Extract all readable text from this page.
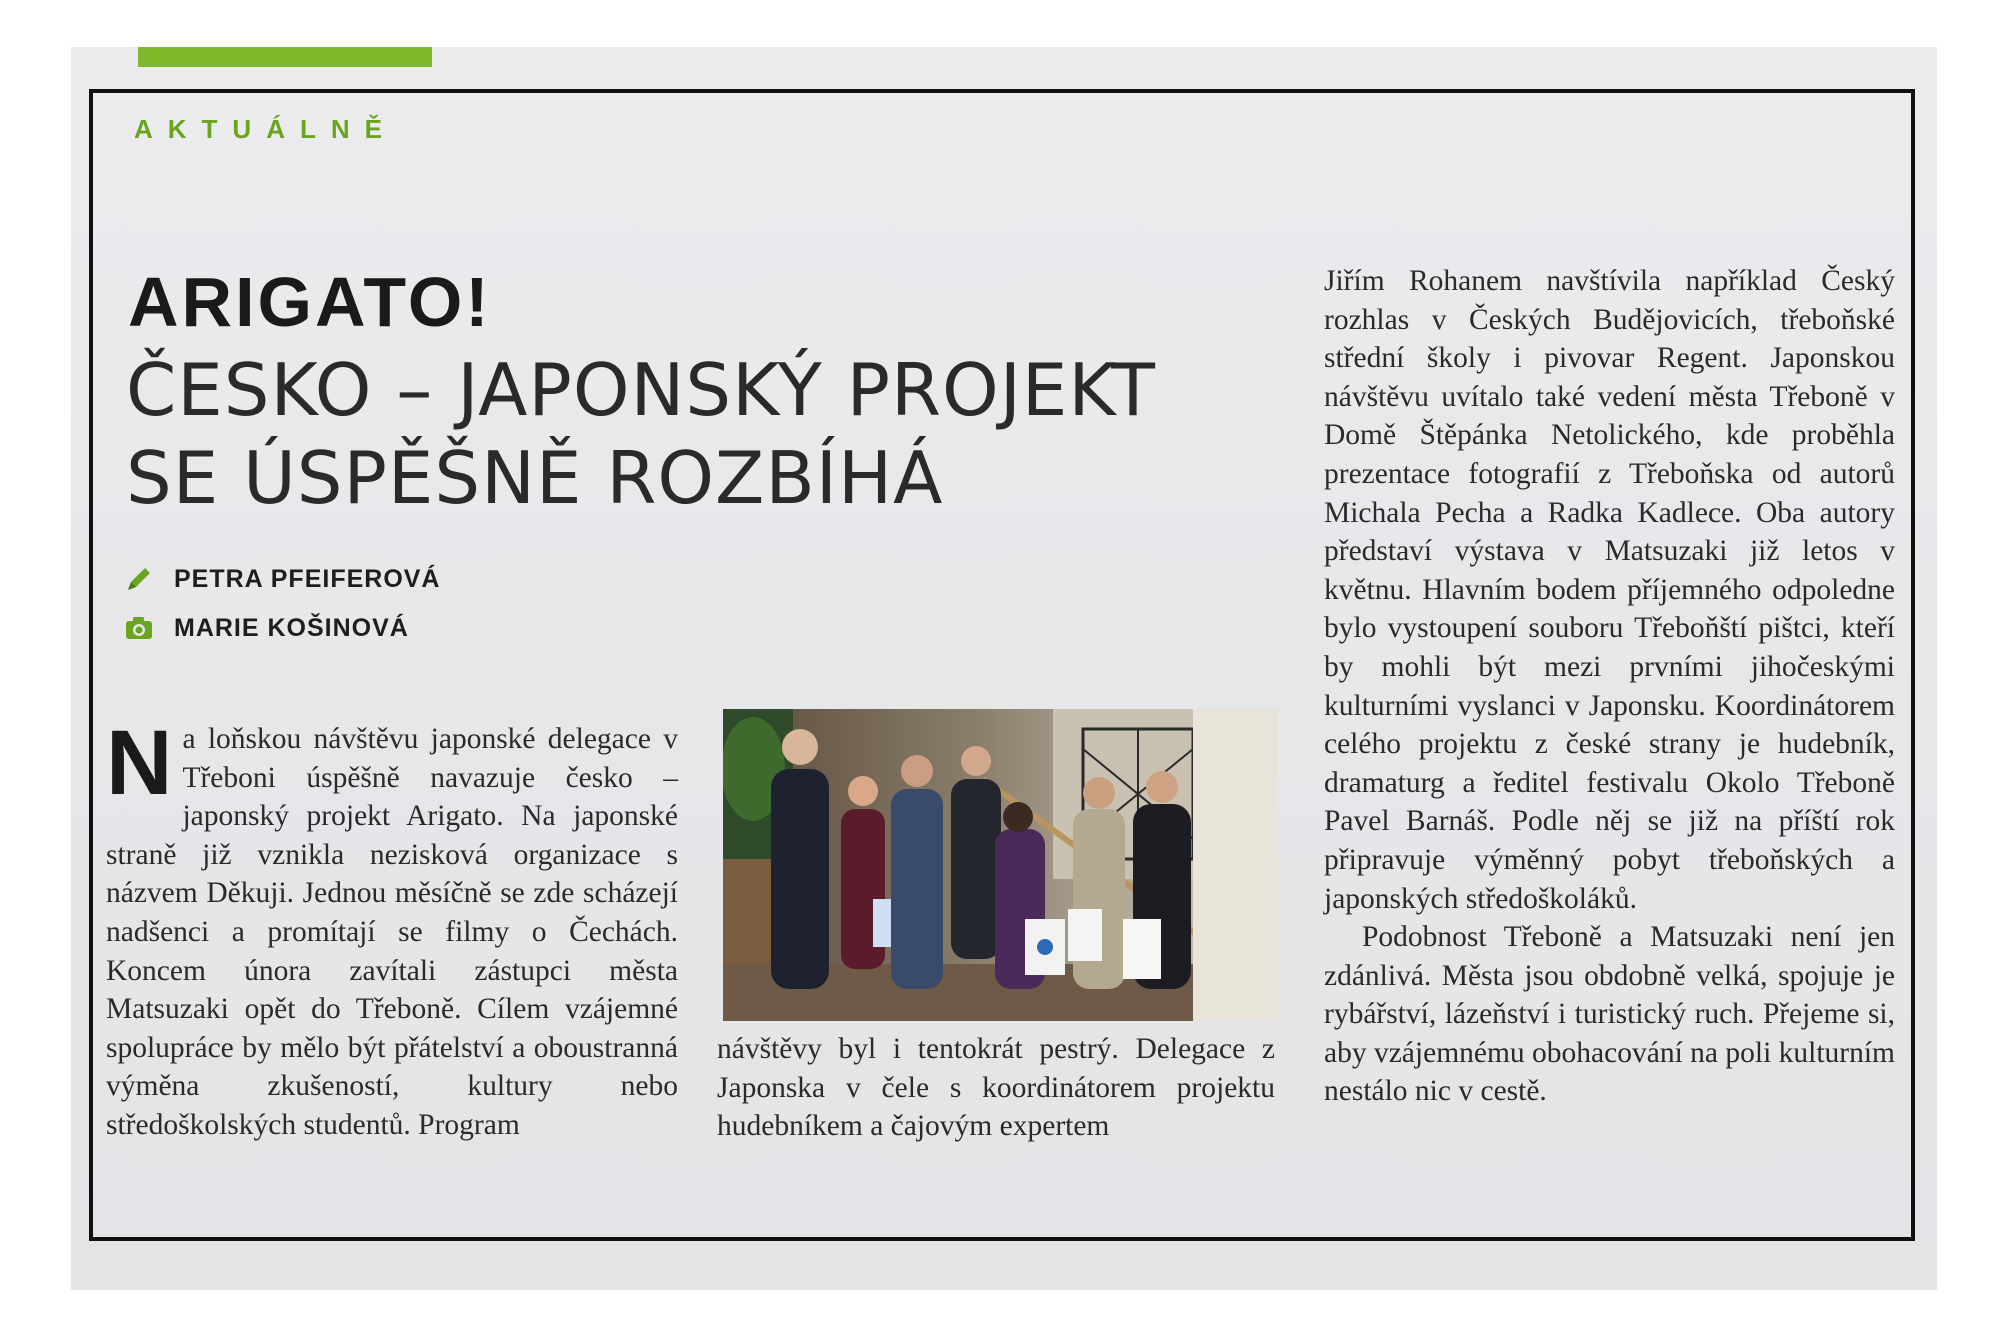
AKTUÁLNĚ
ARIGATO!
ČESKO – JAPONSKÝ PROJEKT
SE ÚSPĚŠNĚ ROZBÍHÁ
PETRA PFEIFEROVÁ
MARIE KOŠINOVÁ

Na loňskou návštěvu japonské delegace v Třeboni úspěšně navazuje česko – japonský projekt Arigato. Na japonské straně již vznikla nezisková organizace s názvem Děkuji. Jednou měsíčně se zde scházejí nadšenci a promítají se filmy o Čechách. Koncem února zavítali zástupci města Matsuzaki opět do Třeboně. Cílem vzájemné spolupráce by mělo být přátelství a oboustranná výměna zkušeností, kultury nebo středoškolských studentů. Program

návštěvy byl i tentokrát pestrý. Delegace z Japonska v čele s koordinátorem projektu hudebníkem a čajovým expertem

Jiřím Rohanem navštívila například Český rozhlas v Českých Budějovicích, třeboňské střední školy i pivovar Regent. Japonskou návštěvu uvítalo také vedení města Třeboně v Domě Štěpánka Netolického, kde proběhla prezentace fotografií z Třeboňska od autorů Michala Pecha a Radka Kadlece. Oba autory představí výstava v Matsuzaki již letos v květnu. Hlavním bodem příjemného odpoledne bylo vystoupení souboru Třeboňští pištci, kteří by mohli být mezi prvními jihočeskými kulturními vyslanci v Japonsku. Koordinátorem celého projektu z české strany je hudebník, dramaturg a ředitel festivalu Okolo Třeboně Pavel Barnáš. Podle něj se již na příští rok připravuje výměnný pobyt třeboňských a japonských středoškoláků.

Podobnost Třeboně a Matsuzaki není jen zdánlivá. Města jsou obdobně velká, spojuje je rybářství, lázeňství i turistický ruch. Přejeme si, aby vzájemnému obohacování na poli kulturním nestálo nic v cestě.
